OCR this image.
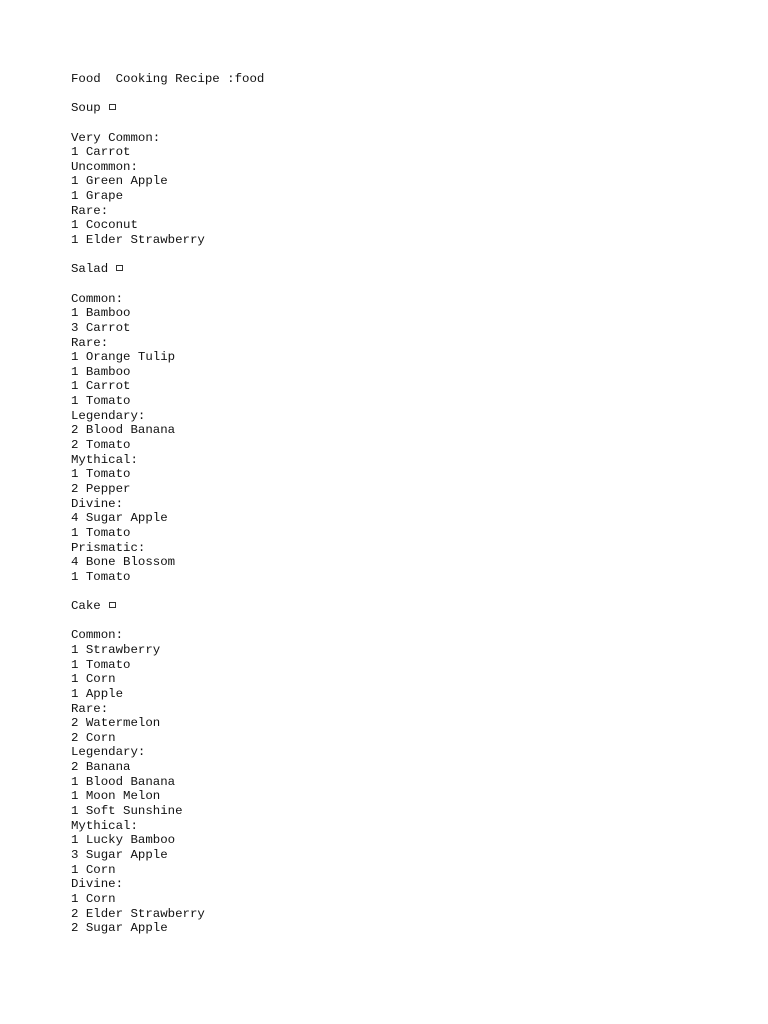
Food  Cooking Recipe :food
Soup
Very Common:
1 Carrot
Uncommon:
1 Green Apple
1 Grape
Rare:
1 Coconut
1 Elder Strawberry
Salad
Common:
1 Bamboo
3 Carrot
Rare:
1 Orange Tulip
1 Bamboo
1 Carrot
1 Tomato
Legendary:
2 Blood Banana
2 Tomato
Mythical:
1 Tomato
2 Pepper
Divine:
4 Sugar Apple
1 Tomato
Prismatic:
4 Bone Blossom
1 Tomato
Cake
Common:
1 Strawberry
1 Tomato
1 Corn
1 Apple
Rare:
2 Watermelon
2 Corn
Legendary:
2 Banana
1 Blood Banana
1 Moon Melon
1 Soft Sunshine
Mythical:
1 Lucky Bamboo
3 Sugar Apple
1 Corn
Divine:
1 Corn
2 Elder Strawberry
2 Sugar Apple
